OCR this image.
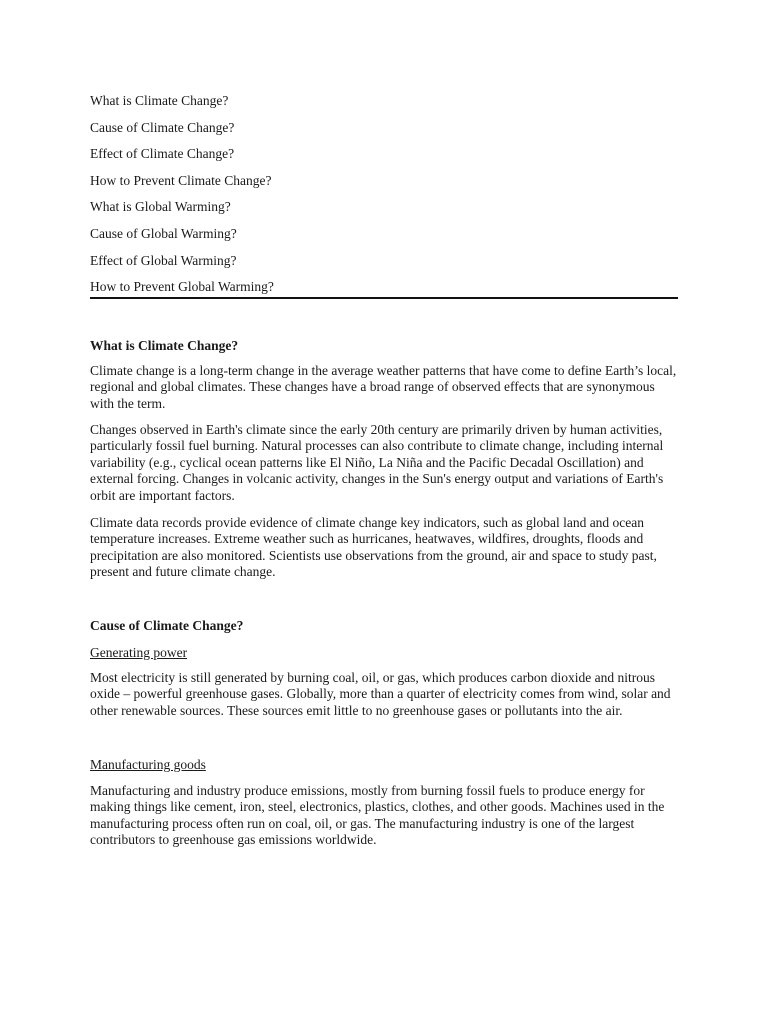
What is Climate Change?
Cause of Climate Change?
Effect of Climate Change?
How to Prevent Climate Change?
What is Global Warming?
Cause of Global Warming?
Effect of Global Warming?
How to Prevent Global Warming?
What is Climate Change?

Climate change is a long-term change in the average weather patterns that have come to define Earth’s local, regional and global climates. These changes have a broad range of observed effects that are synonymous with the term.

Changes observed in Earth's climate since the early 20th century are primarily driven by human activities, particularly fossil fuel burning. Natural processes can also contribute to climate change, including internal variability (e.g., cyclical ocean patterns like El Niño, La Niña and the Pacific Decadal Oscillation) and external forcing. Changes in volcanic activity, changes in the Sun's energy output and variations of Earth's orbit are important factors.

Climate data records provide evidence of climate change key indicators, such as global land and ocean temperature increases. Extreme weather such as hurricanes, heatwaves, wildfires, droughts, floods and precipitation are also monitored. Scientists use observations from the ground, air and space to study past, present and future climate change.

Cause of Climate Change?
Generating power

Most electricity is still generated by burning coal, oil, or gas, which produces carbon dioxide and nitrous oxide – powerful greenhouse gases. Globally, more than a quarter of electricity comes from wind, solar and other renewable sources. These sources emit little to no greenhouse gases or pollutants into the air.

Manufacturing goods

Manufacturing and industry produce emissions, mostly from burning fossil fuels to produce energy for making things like cement, iron, steel, electronics, plastics, clothes, and other goods. Machines used in the manufacturing process often run on coal, oil, or gas. The manufacturing industry is one of the largest contributors to greenhouse gas emissions worldwide.
